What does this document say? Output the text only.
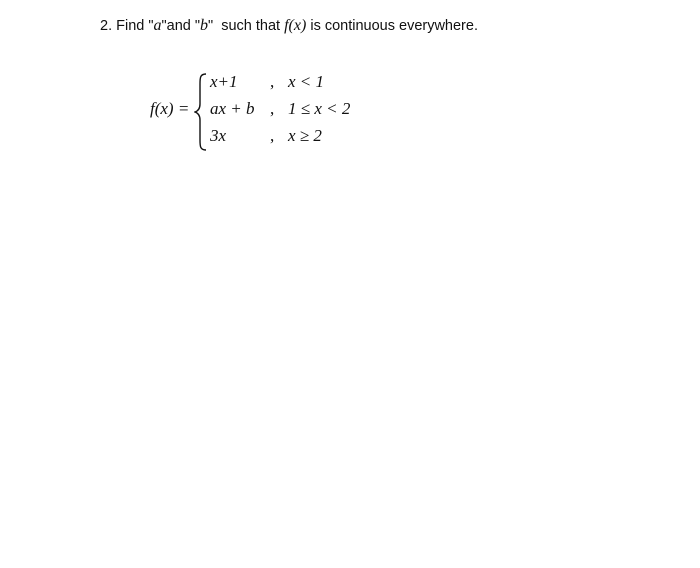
2. Find "a"and "b"  such that f(x) is continuous everywhere.
f(x) =
x+1 , x < 1
ax + b , 1 ≤ x < 2
3x	, x ≥ 2
